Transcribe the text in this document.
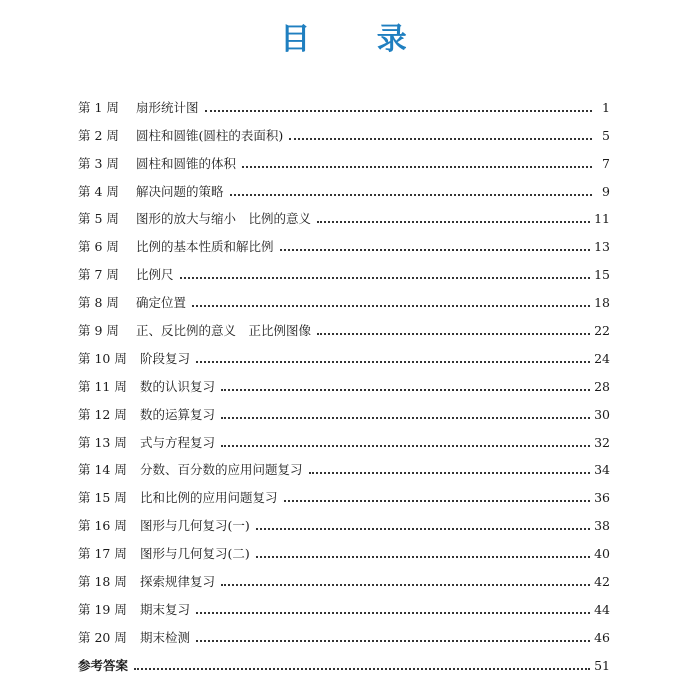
目 录
第 1 周	扇形统计图	1
第 2 周	圆柱和圆锥(圆柱的表面积)	5
第 3 周	圆柱和圆锥的体积	7
第 4 周	解决问题的策略	9
第 5 周	图形的放大与缩小　比例的意义	11
第 6 周	比例的基本性质和解比例	13
第 7 周	比例尺	15
第 8 周	确定位置	18
第 9 周	正、反比例的意义　正比例图像	22
第 10 周	阶段复习	24
第 11 周	数的认识复习	28
第 12 周	数的运算复习	30
第 13 周	式与方程复习	32
第 14 周	分数、百分数的应用问题复习	34
第 15 周	比和比例的应用问题复习	36
第 16 周	图形与几何复习(一)	38
第 17 周	图形与几何复习(二)	40
第 18 周	探索规律复习	42
第 19 周	期末复习	44
第 20 周	期末检测	46
参考答案	51
